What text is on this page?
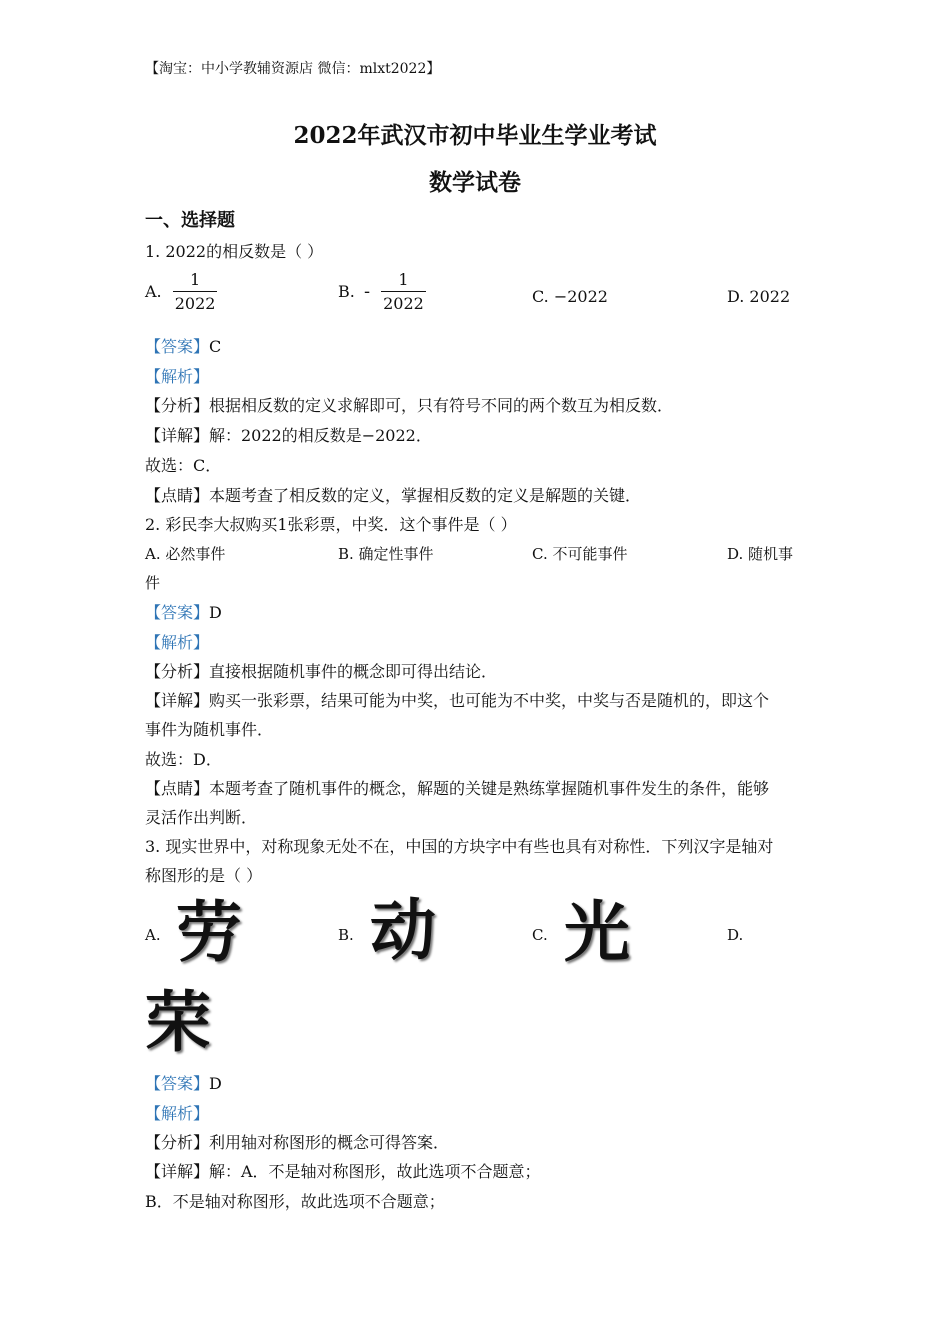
【淘宝：中小学教辅资源店 微信：mlxt2022】
2022年武汉市初中毕业生学业考试
数学试卷
一、选择题
1. 2022的相反数是（ ）
A. $\frac{1}{2022}$	B. - $\frac{1}{2022}$	C. −2022	D. 2022
【答案】C
【解析】
【分析】根据相反数的定义求解即可，只有符号不同的两个数互为相反数．
【详解】解：2022的相反数是−2022．
故选：C．
【点睛】本题考查了相反数的定义，掌握相反数的定义是解题的关键．
2. 彩民李大叔购买1张彩票，中奖．这个事件是（ ）
A. 必然事件	B. 确定性事件	C. 不可能事件	D. 随机事
件
【答案】D
【解析】
【分析】直接根据随机事件的概念即可得出结论．
【详解】购买一张彩票，结果可能为中奖，也可能为不中奖，中奖与否是随机的，即这个
事件为随机事件．
故选：D．
【点睛】本题考查了随机事件的概念，解题的关键是熟练掌握随机事件发生的条件，能够
灵活作出判断．
3. 现实世界中，对称现象无处不在，中国的方块字中有些也具有对称性．下列汉字是轴对
称图形的是（ ）
A. 劳	B. 动	C. 光	D.
荣
【答案】D
【解析】
【分析】利用轴对称图形的概念可得答案．
【详解】解：A．不是轴对称图形，故此选项不合题意；
B．不是轴对称图形，故此选项不合题意；
